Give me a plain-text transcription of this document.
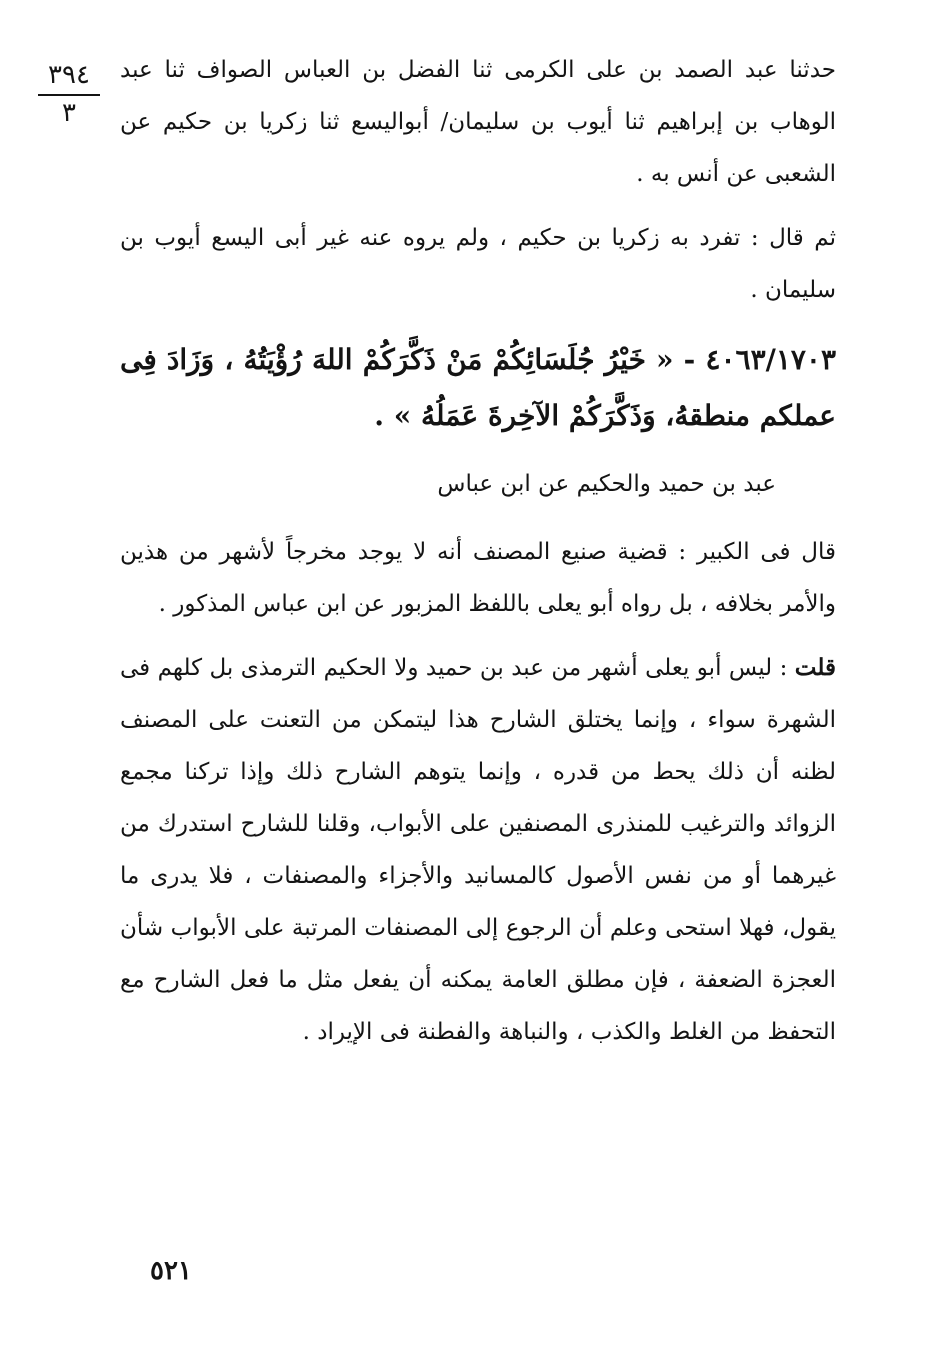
٣٩٤
٣

حدثنا عبد الصمد بن على الكرمى ثنا الفضل بن العباس الصواف ثنا عبد الوهاب بن إبراهيم ثنا أيوب بن سليمان/ أبواليسع ثنا زكريا بن حكيم عن الشعبى عن أنس به .

ثم قال : تفرد به زكريا بن حكيم ، ولم يروه عنه غير أبى اليسع أيوب بن سليمان .

٤٠٦٣/١٧٠٣ - « خَيْرُ جُلَسَائِكُمْ مَنْ ذَكَّرَكُمْ اللهَ رُؤْيَتُهُ ، وَزَادَ فِى عملكم منطقهُ، وَذَكَّرَكُمْ الآخِرةَ عَمَلُهُ » .

عبد بن حميد والحكيم عن ابن عباس

قال فى الكبير : قضية صنيع المصنف أنه لا يوجد مخرجاً لأشهر من هذين والأمر بخلافه ، بل رواه أبو يعلى باللفظ المزبور عن ابن عباس المذكور .

قلت : ليس أبو يعلى أشهر من عبد بن حميد ولا الحكيم الترمذى بل كلهم فى الشهرة سواء ، وإنما يختلق الشارح هذا ليتمكن من التعنت على المصنف لظنه أن ذلك يحط من قدره ، وإنما يتوهم الشارح ذلك وإذا تركنا مجمع الزوائد والترغيب للمنذرى المصنفين على الأبواب، وقلنا للشارح استدرك من غيرهما أو من نفس الأصول كالمسانيد والأجزاء والمصنفات ، فلا يدرى ما يقول، فهلا استحى وعلم أن الرجوع إلى المصنفات المرتبة على الأبواب شأن العجزة الضعفة ، فإن مطلق العامة يمكنه أن يفعل مثل ما فعل الشارح مع التحفظ من الغلط والكذب ، والنباهة والفطنة فى الإيراد .

٥٢١
